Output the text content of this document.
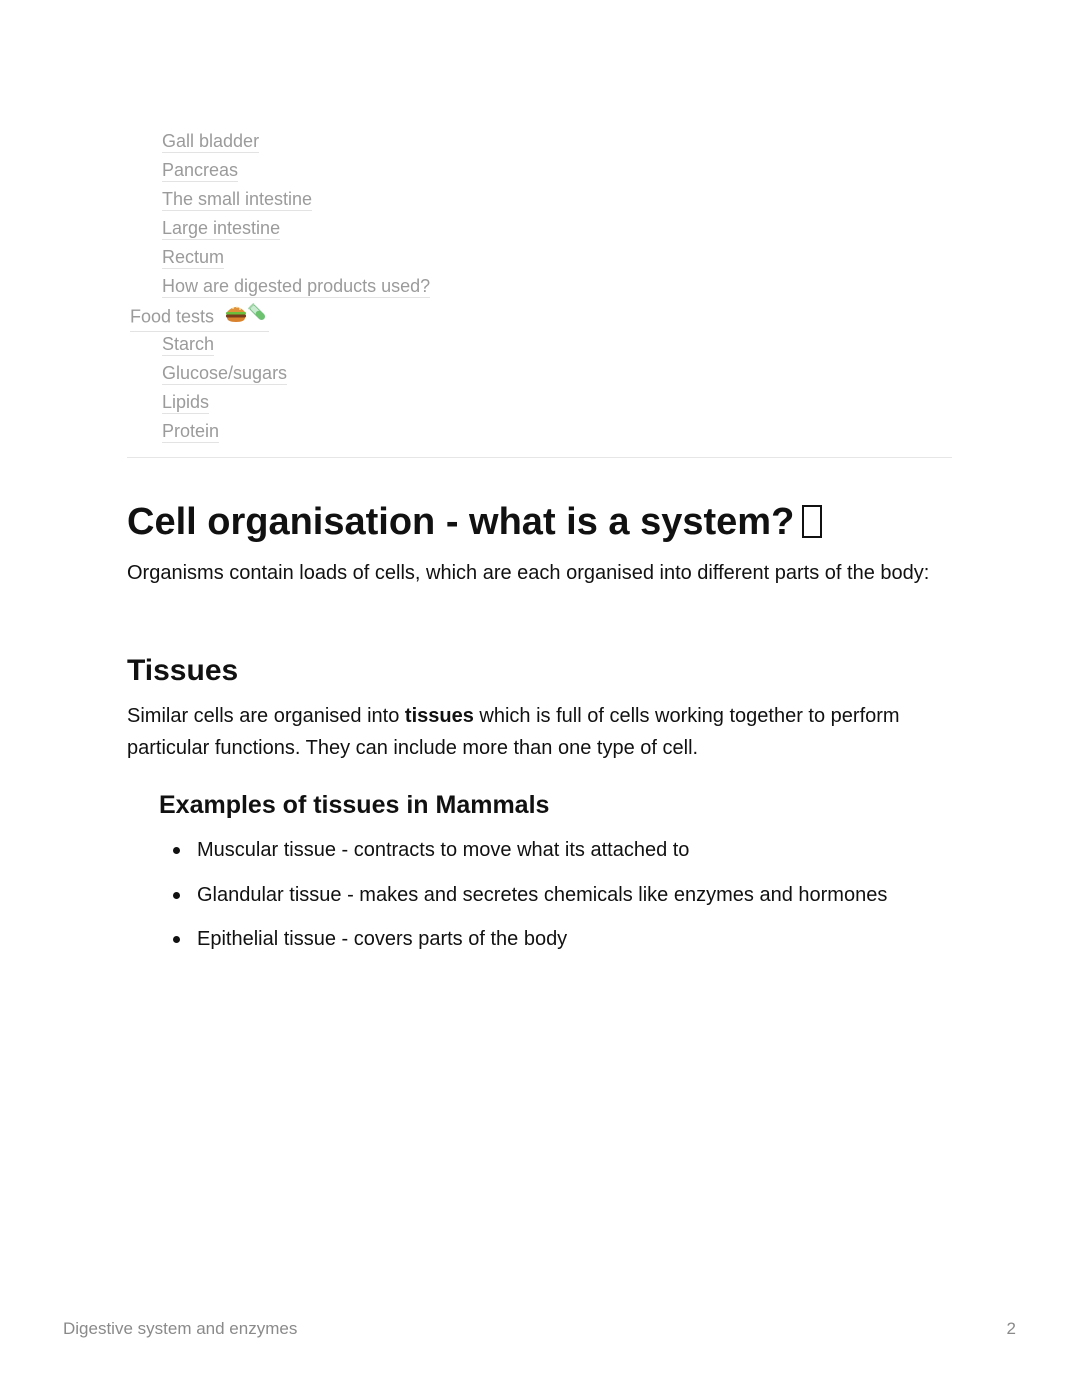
Gall bladder
Pancreas
The small intestine
Large intestine
Rectum
How are digested products used?
Food tests
Starch
Glucose/sugars
Lipids
Protein
Cell organisation - what is a system?

Organisms contain loads of cells, which are each organised into different parts of the body:

Tissues

Similar cells are organised into tissues which is full of cells working together to perform particular functions. They can include more than one type of cell.

Examples of tissues in Mammals
Muscular tissue - contracts to move what its attached to
Glandular tissue - makes and secretes chemicals like enzymes and hormones
Epithelial tissue - covers parts of the body
Digestive system and enzymes	2
